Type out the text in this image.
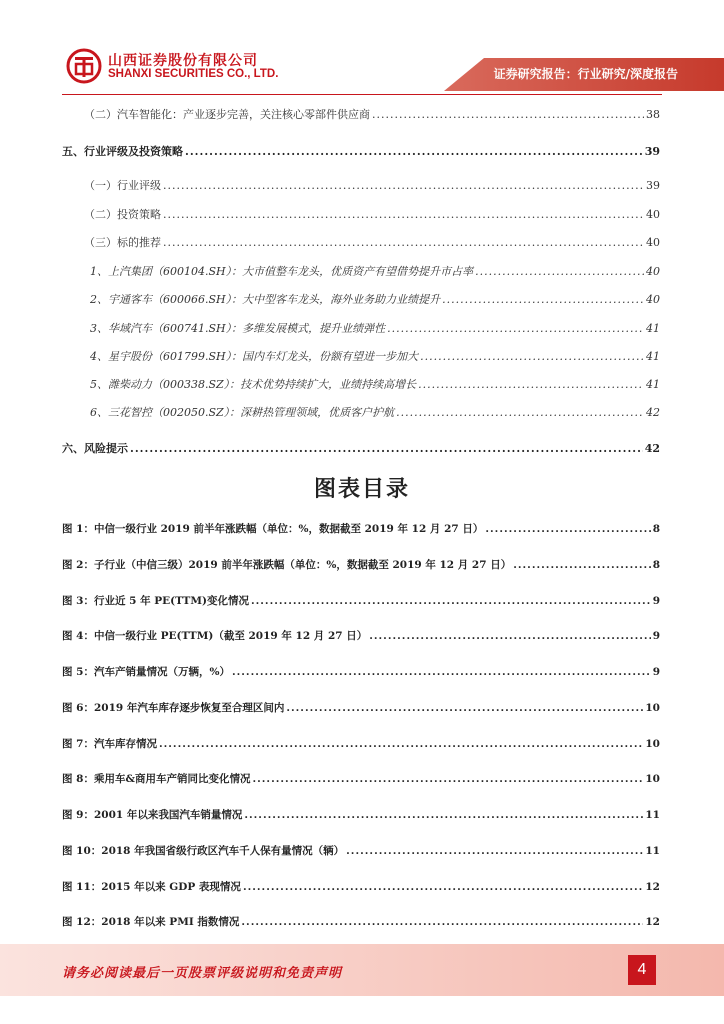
山西证券股份有限公司
SHANXI SECURITIES CO., LTD.	证券研究报告：行业研究/深度报告
（二）汽车智能化：产业逐步完善，关注核心零部件供应商 .....	38
五、行业评级及投资策略 .....	39
（一）行业评级 .....	39
（二）投资策略 .....	40
（三）标的推荐 .....	40
1、上汽集团（600104.SH）：大市值整车龙头，优质资产有望借势提升市占率 .....	40
2、宇通客车（600066.SH）：大中型客车龙头，海外业务助力业绩提升 .....	40
3、华域汽车（600741.SH）：多维发展模式，提升业绩弹性 .....	41
4、星宇股份（601799.SH）：国内车灯龙头，份额有望进一步加大 .....	41
5、潍柴动力（000338.SZ）：技术优势持续扩大，业绩持续高增长 .....	41
6、三花智控（002050.SZ）：深耕热管理领域，优质客户护航 .....	42
六、风险提示 .....	42
图表目录
图 1：中信一级行业 2019 前半年涨跌幅（单位：%，数据截至 2019 年 12 月 27 日） .....	8
图 2：子行业（中信三级）2019 前半年涨跌幅（单位：%，数据截至 2019 年 12 月 27 日） .....	8
图 3：行业近 5 年 PE(TTM)变化情况 .....	9
图 4：中信一级行业 PE(TTM)（截至 2019 年 12 月 27 日） .....	9
图 5：汽车产销量情况（万辆，%） .....	9
图 6：2019 年汽车库存逐步恢复至合理区间内 .....	10
图 7：汽车库存情况 .....	10
图 8：乘用车&商用车产销同比变化情况 .....	10
图 9：2001 年以来我国汽车销量情况 .....	11
图 10：2018 年我国省级行政区汽车千人保有量情况（辆） .....	11
图 11：2015 年以来 GDP 表现情况 .....	12
图 12：2018 年以来 PMI 指数情况 .....	12
请务必阅读最后一页股票评级说明和免责声明	4
